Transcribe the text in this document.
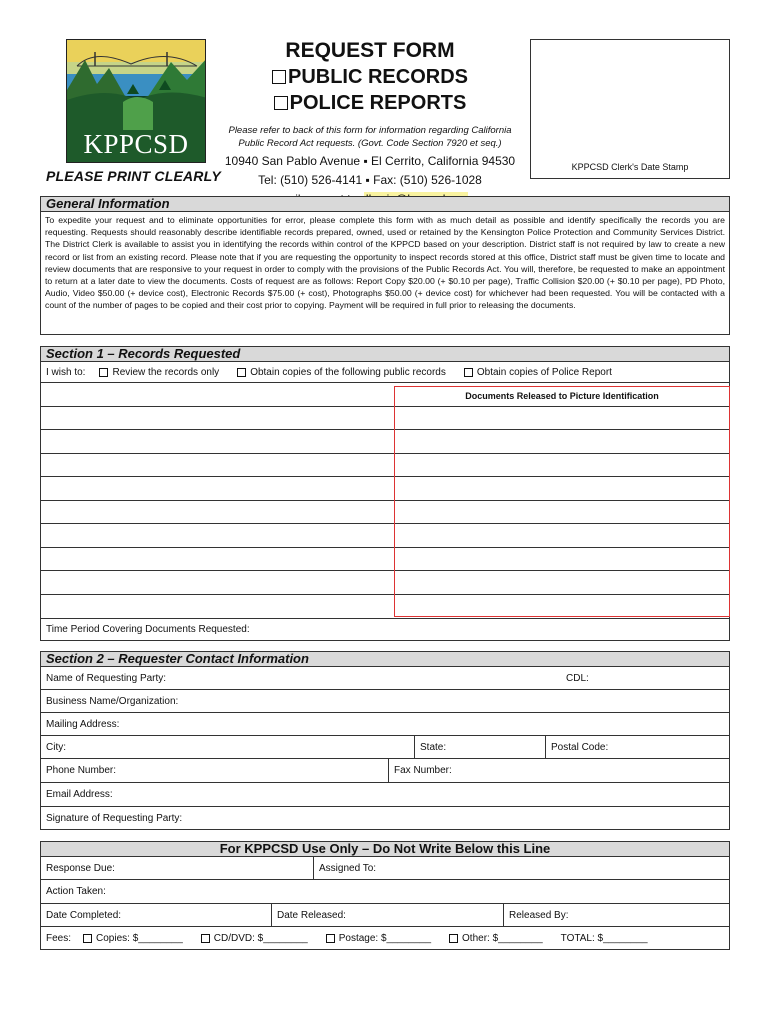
KPPCSD
PLEASE PRINT CLEARLY
REQUEST FORM
PUBLIC RECORDS
POLICE REPORTS
Please refer to back of this form for information regarding California Public Record Act requests. (Govt. Code Section 7920 et seq.)
10940 San Pablo Avenue ▪ El Cerrito, California 94530
Tel: (510) 526-4141 ▪ Fax: (510) 526-1028
KPPCSD Clerk's Date Stamp
General Information
To expedite your request and to eliminate opportunities for error, please complete this form with as much detail as possible and identify specifically the records you are requesting. Requests should reasonably describe identifiable records prepared, owned, used or retained by the Kensington Police Protection and Community Services District. The District Clerk is available to assist you in identifying the records within control of the KPPCD based on your description. District staff is not required by law to create a new record or list from an existing record. Please note that if you are requesting the opportunity to inspect records stored at this office, District staff must be given time to locate and review documents that are responsive to your request in order to comply with the provisions of the Public Records Act. You will, therefore, be requested to make an appointment to return at a later date to view the documents. Costs of request are as follows: Report Copy $20.00 (+ $0.10 per page), Traffic Collision $20.00 (+ $0.10 per page), PD Photo, Audio, Video $50.00 (+ device cost), Electronic Records $75.00 (+ cost), Photographs $50.00 (+ device cost) for whichever had been requested. You will be contacted with a count of the number of pages to be copied and their cost prior to copying. Payment will be required in full prior to releasing the documents.
Section 1 – Records Requested
I wish to:	Review the records only	Obtain copies of the following public records	Obtain copies of Police Report
Documents Released to Picture Identification
Time Period Covering Documents Requested:
Section 2 – Requester Contact Information
Name of Requesting Party:	CDL:
Business Name/Organization:
Mailing Address:
City:	State:	Postal Code:
Phone Number:	Fax Number:
Email Address:
Signature of Requesting Party:
For KPPCSD Use Only – Do Not Write Below this Line
Response Due:	Assigned To:
Action Taken:
Date Completed:	Date Released:	Released By:
Fees:	Copies: $________	CD/DVD: $________	Postage: $________	Other: $________ TOTAL: $________
